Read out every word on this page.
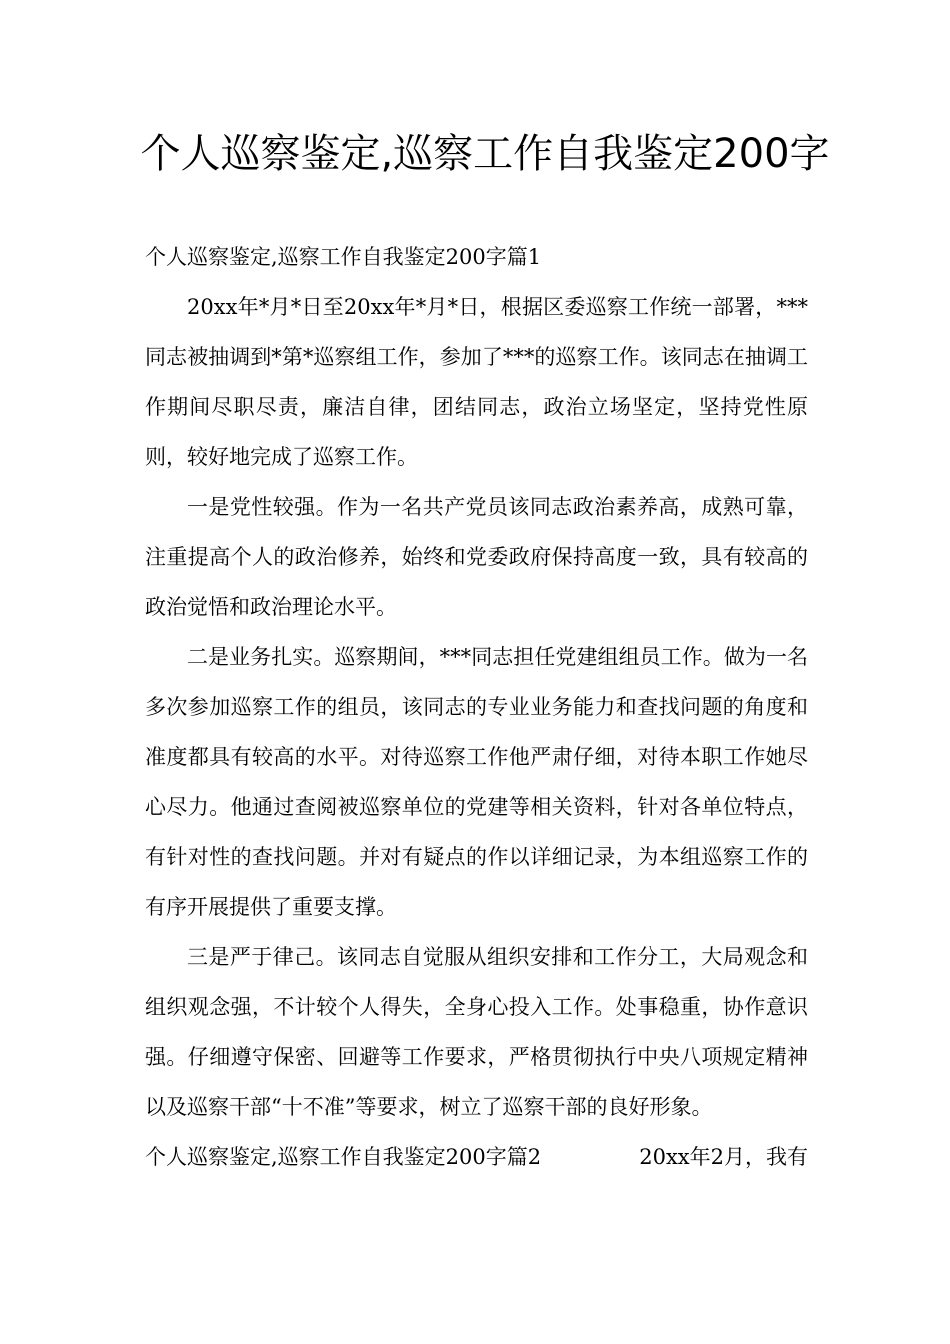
个人巡察鉴定,巡察工作自我鉴定200字

个人巡察鉴定,巡察工作自我鉴定200字篇1

20xx年*月*日至20xx年*月*日，根据区委巡察工作统一部署，***同志被抽调到*第*巡察组工作，参加了***的巡察工作。该同志在抽调工作期间尽职尽责，廉洁自律，团结同志，政治立场坚定，坚持党性原则，较好地完成了巡察工作。

一是党性较强。作为一名共产党员该同志政治素养高，成熟可靠，注重提高个人的政治修养，始终和党委政府保持高度一致，具有较高的政治觉悟和政治理论水平。

二是业务扎实。巡察期间，***同志担任党建组组员工作。做为一名多次参加巡察工作的组员，该同志的专业业务能力和查找问题的角度和准度都具有较高的水平。对待巡察工作他严肃仔细，对待本职工作她尽心尽力。他通过查阅被巡察单位的党建等相关资料，针对各单位特点，有针对性的查找问题。并对有疑点的作以详细记录，为本组巡察工作的有序开展提供了重要支撑。

三是严于律己。该同志自觉服从组织安排和工作分工，大局观念和组织观念强，不计较个人得失，全身心投入工作。处事稳重，协作意识强。仔细遵守保密、回避等工作要求，严格贯彻执行中央八项规定精神以及巡察干部“十不准”等要求，树立了巡察干部的良好形象。

个人巡察鉴定,巡察工作自我鉴定200字篇2	20xx年2月，我有
